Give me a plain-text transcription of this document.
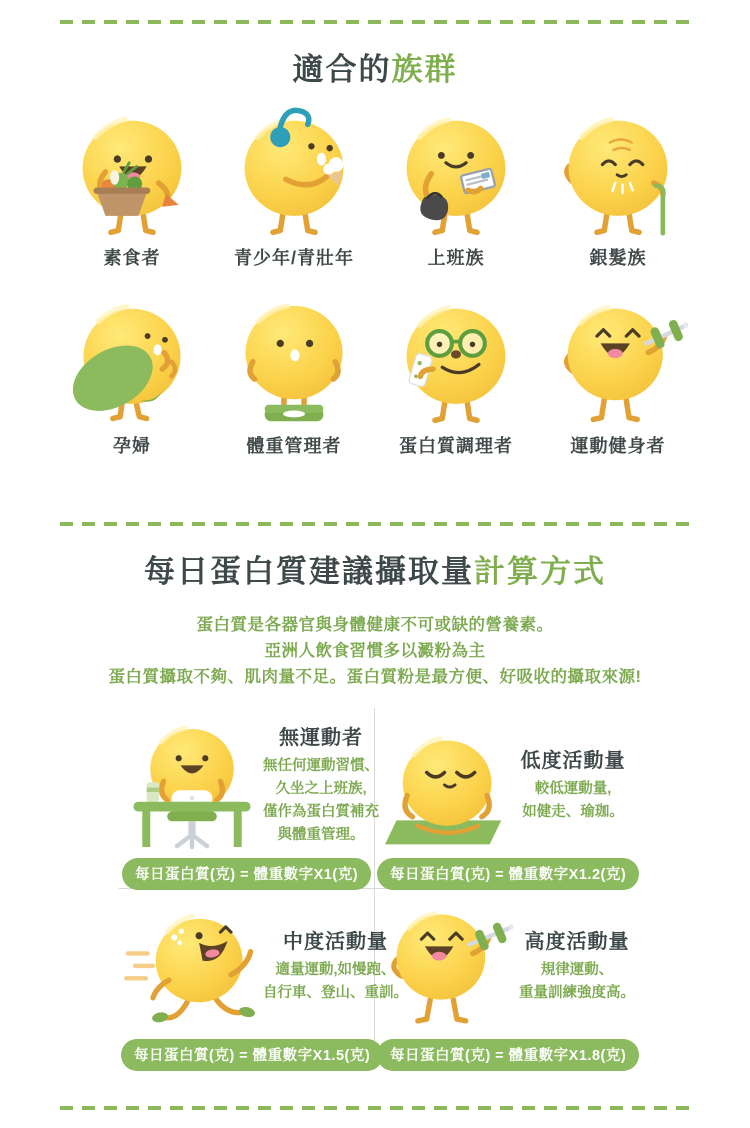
適合的族群
素食者	青少年/青壯年	上班族	銀髮族
孕婦	體重管理者	蛋白質調理者	運動健身者
每日蛋白質建議攝取量計算方式
蛋白質是各器官與身體健康不可或缺的營養素。
亞洲人飲食習慣多以澱粉為主
蛋白質攝取不夠、肌肉量不足。蛋白質粉是最方便、好吸收的攝取來源!
無運動者
無任何運動習慣、
久坐之上班族,
僅作為蛋白質補充
與體重管理。
每日蛋白質(克) = 體重數字X1(克)
低度活動量
較低運動量,
如健走、瑜珈。
每日蛋白質(克) = 體重數字X1.2(克)
中度活動量
適量運動,如慢跑、
自行車、登山、重訓。
每日蛋白質(克) = 體重數字X1.5(克)
高度活動量
規律運動、
重量訓練強度高。
每日蛋白質(克) = 體重數字X1.8(克)
